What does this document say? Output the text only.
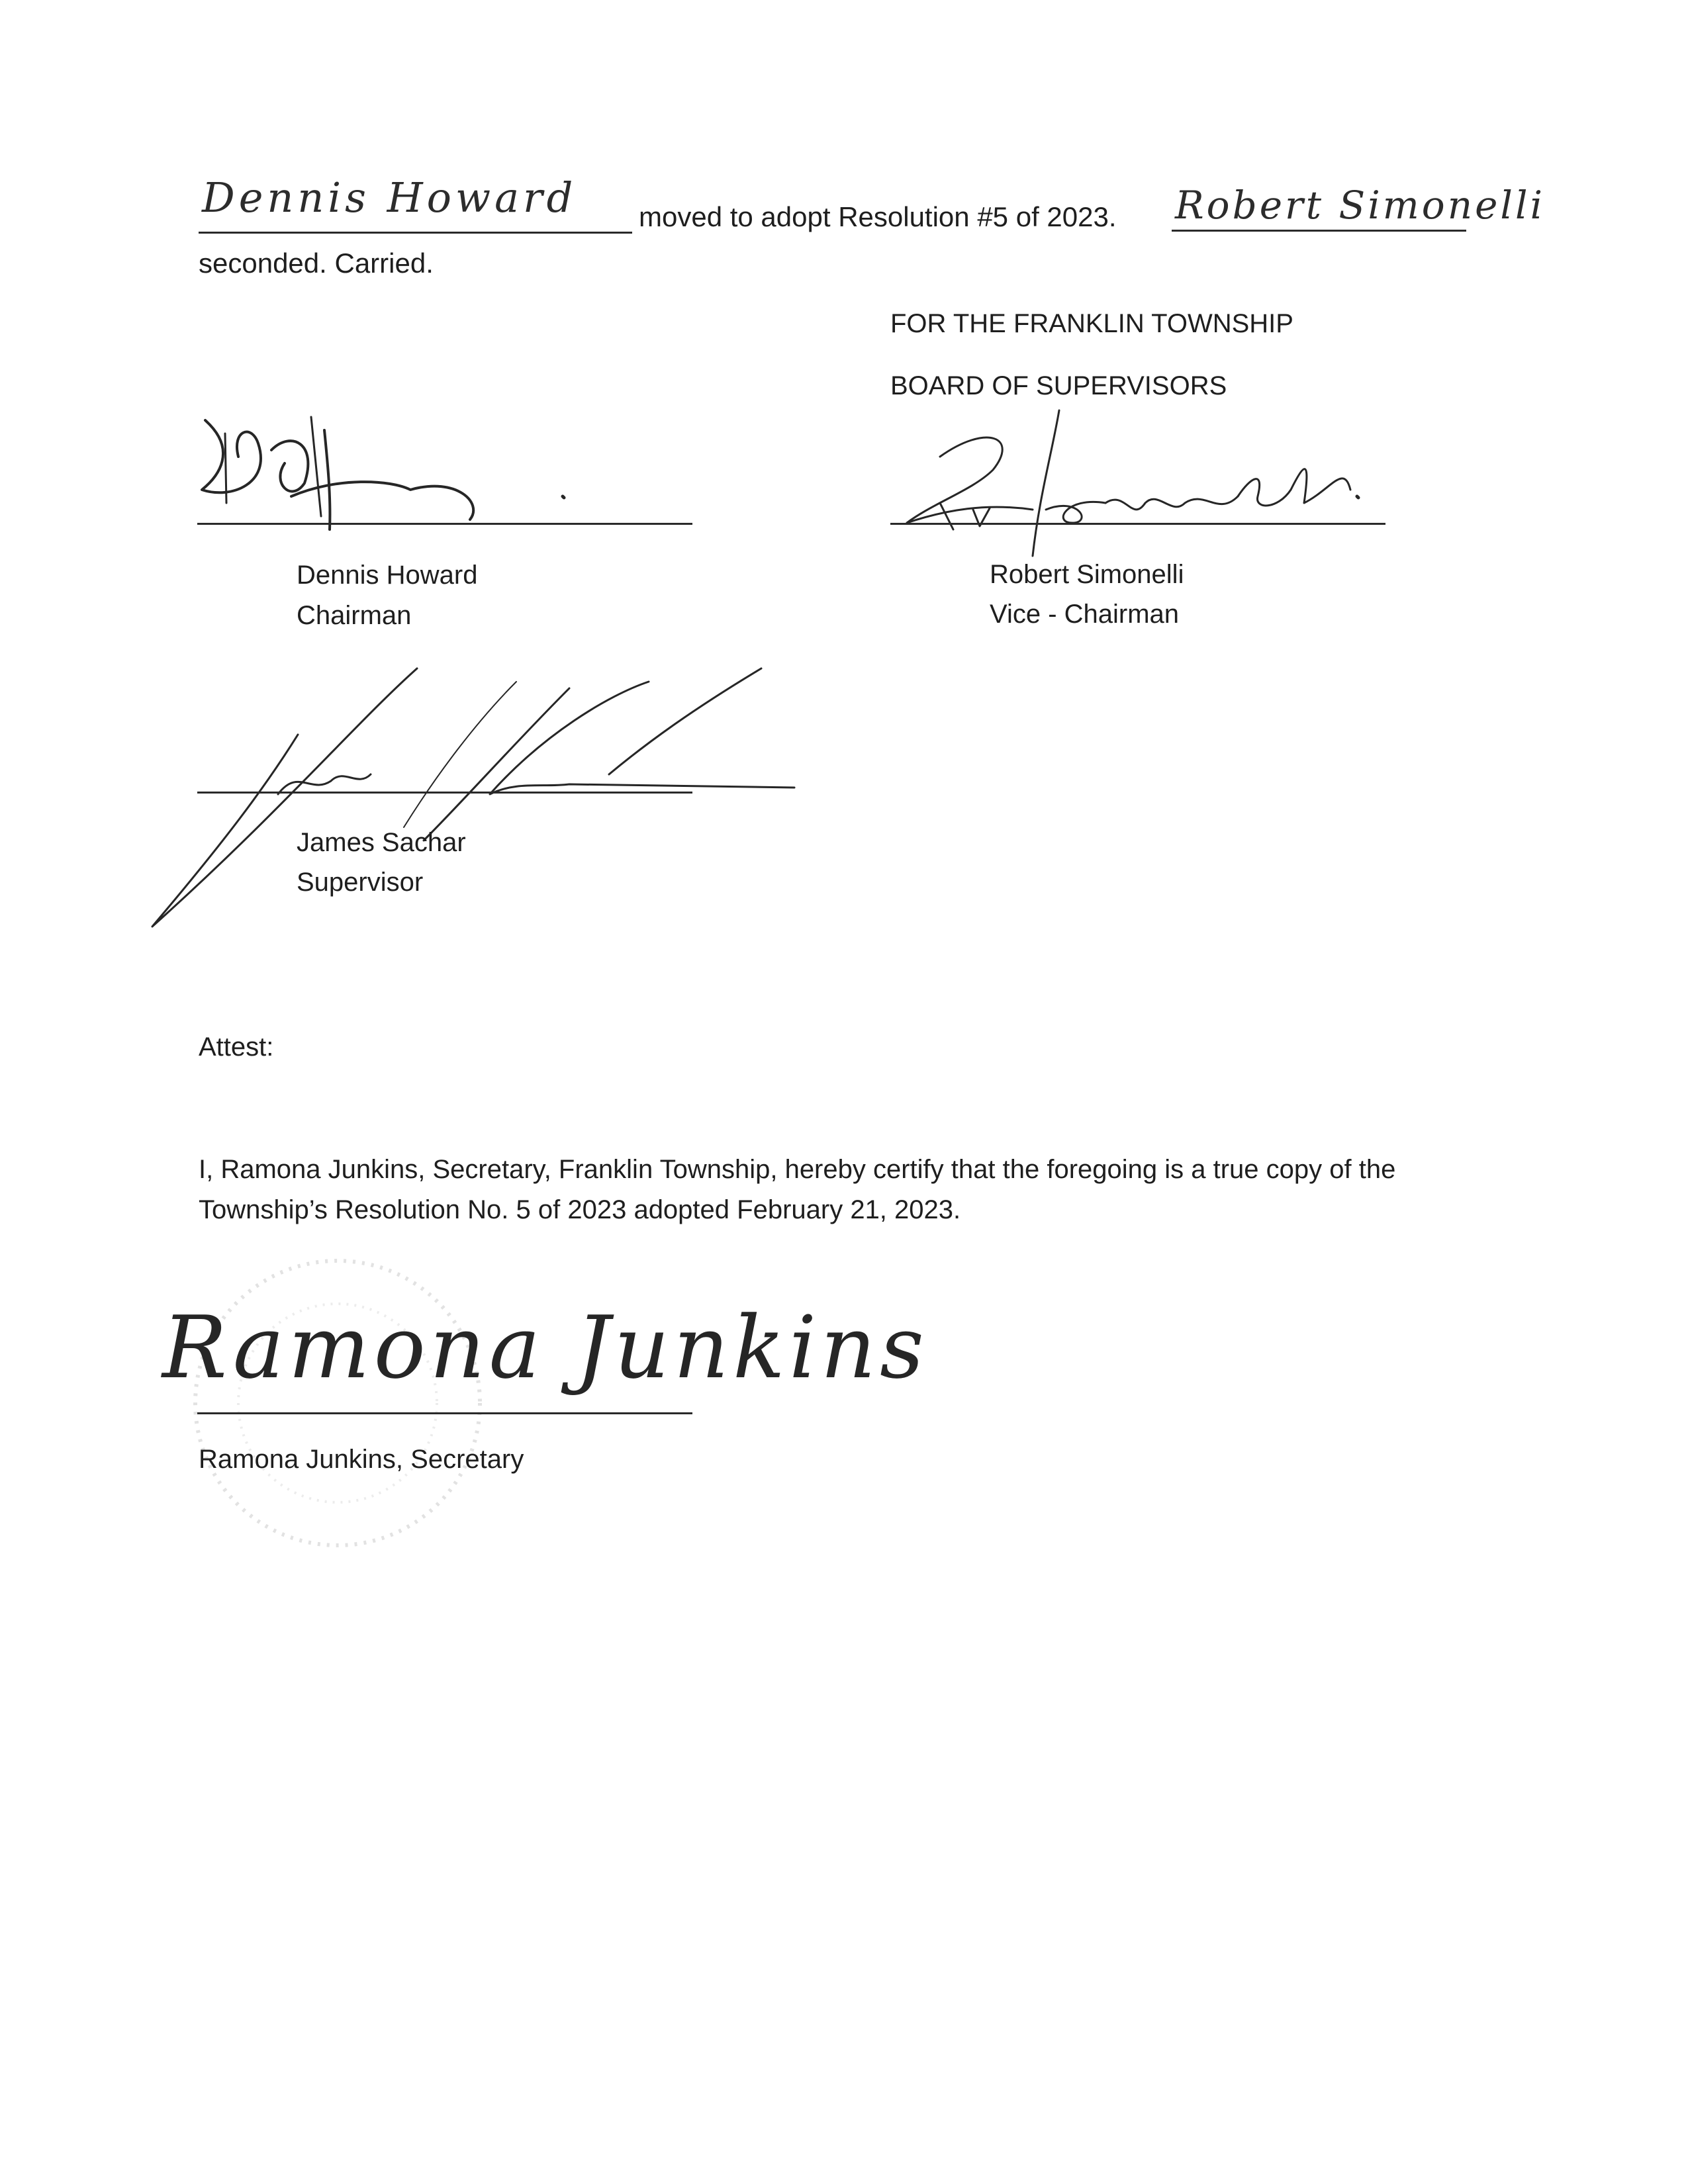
Dennis Howard moved to adopt Resolution #5 of 2023. Robert Simonelli
seconded. Carried.
FOR THE FRANKLIN TOWNSHIP
BOARD OF SUPERVISORS
Dennis Howard
Chairman
Robert Simonelli
Vice - Chairman
James Sachar
Supervisor
Attest:
I, Ramona Junkins, Secretary, Franklin Township, hereby certify that the foregoing is a true copy of the
Township’s Resolution No. 5 of 2023 adopted February 21, 2023.
Ramona Junkins
Ramona Junkins, Secretary
